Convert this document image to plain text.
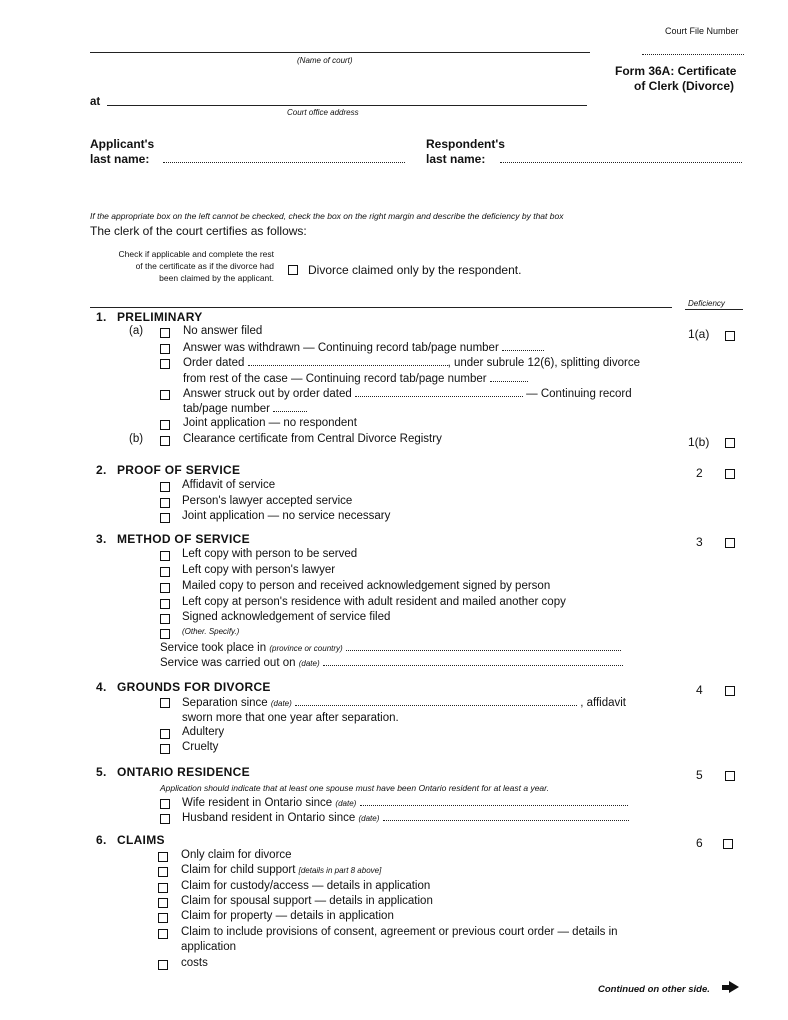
Court File Number
(Name of court)
Form 36A: Certificate
of Clerk (Divorce)
at
Court office address
Applicant's
last name:
Respondent's
last name:
If the appropriate box on the left cannot be checked, check the box on the right margin and describe the deficiency by that box
The clerk of the court certifies as follows:
Check if applicable and complete the rest
of the certificate as if the divorce had
been claimed by the applicant.
Divorce claimed only by the respondent.
Deficiency
1. PRELIMINARY
(a)	No answer filed
Answer was withdrawn — Continuing record tab/page number
Order dated	, under subrule 12(6), splitting divorce
from rest of the case — Continuing record tab/page number
Answer struck out by order dated	— Continuing record
tab/page number
Joint application — no respondent
(b)	Clearance certificate from Central Divorce Registry
1(a)
1(b)
2. PROOF OF SERVICE
Affidavit of service
Person's lawyer accepted service
Joint application — no service necessary
2
3. METHOD OF SERVICE
Left copy with person to be served
Left copy with person's lawyer
Mailed copy to person and received acknowledgement signed by person
Left copy at person's residence with adult resident and mailed another copy
Signed acknowledgement of service filed
(Other. Specify.)
Service took place in (province or country)
Service was carried out on (date)
3
4. GROUNDS FOR DIVORCE
Separation since (date)	, affidavit
sworn more that one year after separation.
Adultery
Cruelty
4
5. ONTARIO RESIDENCE
Application should indicate that at least one spouse must have been Ontario resident for at least a year.
Wife resident in Ontario since (date)
Husband resident in Ontario since (date)
5
6. CLAIMS
Only claim for divorce
Claim for child support [details in part 8 above]
Claim for custody/access — details in application
Claim for spousal support — details in application
Claim for property — details in application
Claim to include provisions of consent, agreement or previous court order — details in
application
costs
6
Continued on other side.
